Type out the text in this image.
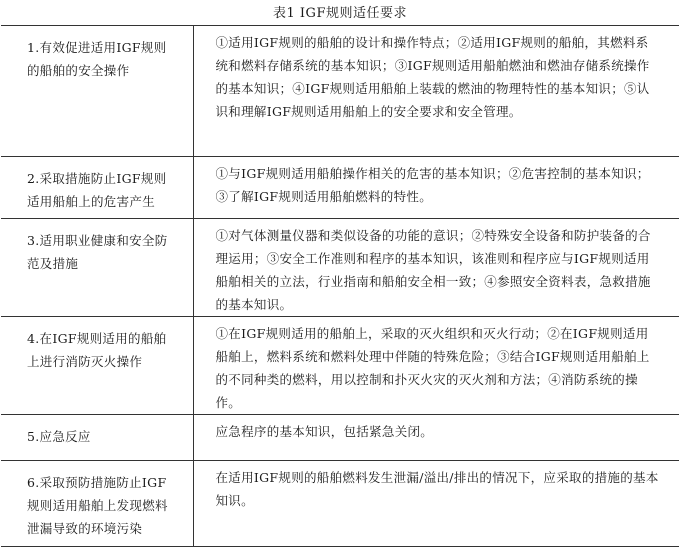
表1 IGF规则适任要求
1.有效促进适用IGF规则的船舶的安全操作	①适用IGF规则的船舶的设计和操作特点；②适用IGF规则的船舶，其燃料系统和燃料存储系统的基本知识；③IGF规则适用船舶燃油和燃油存储系统操作的基本知识；④IGF规则适用船舶上装载的燃油的物理特性的基本知识；⑤认识和理解IGF规则适用船舶上的安全要求和安全管理。

2.采取措施防止IGF规则适用船舶上的危害产生	①与IGF规则适用船舶操作相关的危害的基本知识；②危害控制的基本知识；③了解IGF规则适用船舶燃料的特性。

3.适用职业健康和安全防范及措施	①对气体测量仪器和类似设备的功能的意识；②特殊安全设备和防护装备的合理运用；③安全工作准则和程序的基本知识，该准则和程序应与IGF规则适用船舶相关的立法，行业指南和船舶安全相一致；④参照安全资料表，急救措施的基本知识。

4.在IGF规则适用的船舶上进行消防灭火操作	①在IGF规则适用的船舶上，采取的灭火组织和灭火行动；②在IGF规则适用船舶上，燃料系统和燃料处理中伴随的特殊危险；③结合IGF规则适用船舶上的不同种类的燃料，用以控制和扑灭火灾的灭火剂和方法；④消防系统的操作。

5.应急反应	应急程序的基本知识，包括紧急关闭。

6.采取预防措施防止IGF规则适用船舶上发现燃料泄漏导致的环境污染	在适用IGF规则的船舶燃料发生泄漏/溢出/排出的情况下，应采取的措施的基本知识。
